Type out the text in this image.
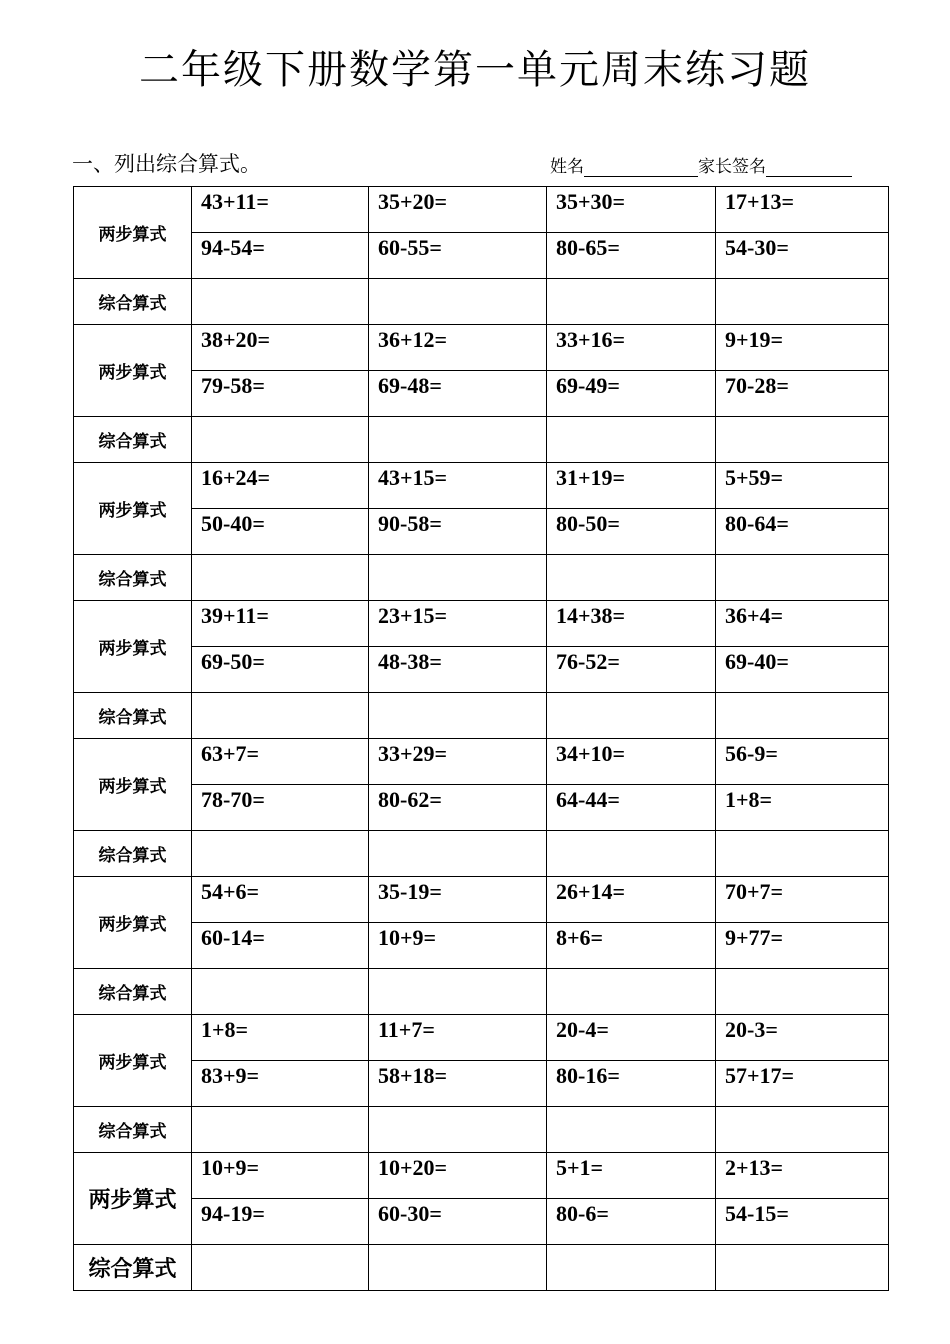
二年级下册数学第一单元周末练习题
一、列出综合算式。	姓名	家长签名
两步算式	43+11=	35+20=	35+30=	17+13=
	94-54=	60-55=	80-65=	54-30=
综合算式				
两步算式	38+20=	36+12=	33+16=	9+19=
	79-58=	69-48=	69-49=	70-28=
综合算式				
两步算式	16+24=	43+15=	31+19=	5+59=
	50-40=	90-58=	80-50=	80-64=
综合算式				
两步算式	39+11=	23+15=	14+38=	36+4=
	69-50=	48-38=	76-52=	69-40=
综合算式				
两步算式	63+7=	33+29=	34+10=	56-9=
	78-70=	80-62=	64-44=	1+8=
综合算式				
两步算式	54+6=	35-19=	26+14=	70+7=
	60-14=	10+9=	8+6=	9+77=
综合算式				
两步算式	1+8=	11+7=	20-4=	20-3=
	83+9=	58+18=	80-16=	57+17=
综合算式				
两步算式	10+9=	10+20=	5+1=	2+13=
	94-19=	60-30=	80-6=	54-15=
综合算式				
